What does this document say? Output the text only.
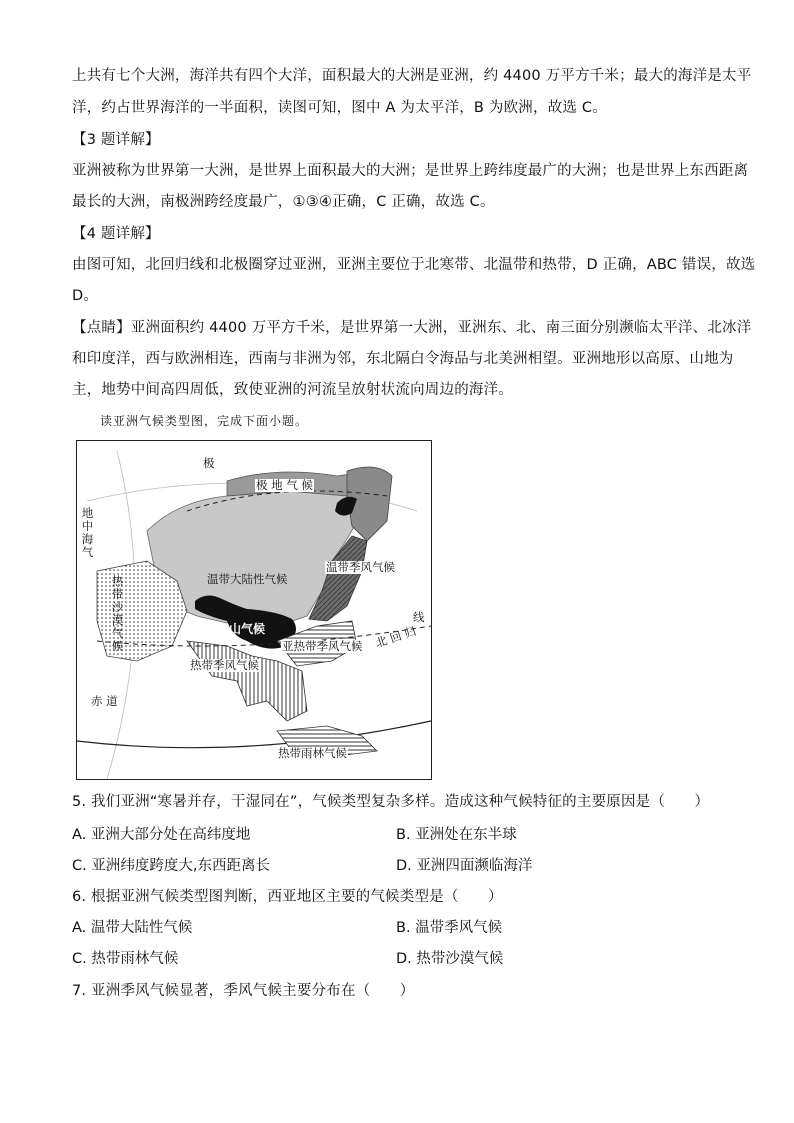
上共有七个大洲，海洋共有四个大洋，面积最大的大洲是亚洲，约 4400 万平方千米；最大的海洋是太平
洋，约占世界海洋的一半面积，读图可知，图中 A 为太平洋，B 为欧洲，故选 C。
【3 题详解】
亚洲被称为世界第一大洲，是世界上面积最大的大洲；是世界上跨纬度最广的大洲；也是世界上东西距离
最长的大洲，南极洲跨经度最广，①③④正确，C 正确，故选 C。
【4 题详解】
由图可知，北回归线和北极圈穿过亚洲，亚洲主要位于北寒带、北温带和热带，D 正确，ABC 错误，故选
D。
【点睛】亚洲面积约 4400 万平方千米，是世界第一大洲，亚洲东、北、南三面分别濒临太平洋、北冰洋
和印度洋，西与欧洲相连，西南与非洲为邻，东北隔白令海品与北美洲相望。亚洲地形以高原、山地为
主，地势中间高四周低，致使亚洲的河流呈放射状流向周边的海洋。
读亚洲气候类型图，完成下面小题。
极
极 地 气 候
地中海气
温带大陆性气候
温带季风气候
热带沙漠气候
高山气候
亚热带季风气候
热带季风气候
北 回 归
线
赤 道
热带雨林气候
5. 我们亚洲“寒暑并存，干湿同在”，气候类型复杂多样。造成这种气候特征的主要原因是（　　）
A. 亚洲大部分处在高纬度地	B. 亚洲处在东半球
C. 亚洲纬度跨度大,东西距离长	D. 亚洲四面濒临海洋
6. 根据亚洲气候类型图判断，西亚地区主要的气候类型是（　　）
A. 温带大陆性气候	B. 温带季风气候
C. 热带雨林气候	D. 热带沙漠气候
7. 亚洲季风气候显著，季风气候主要分布在（　　）
